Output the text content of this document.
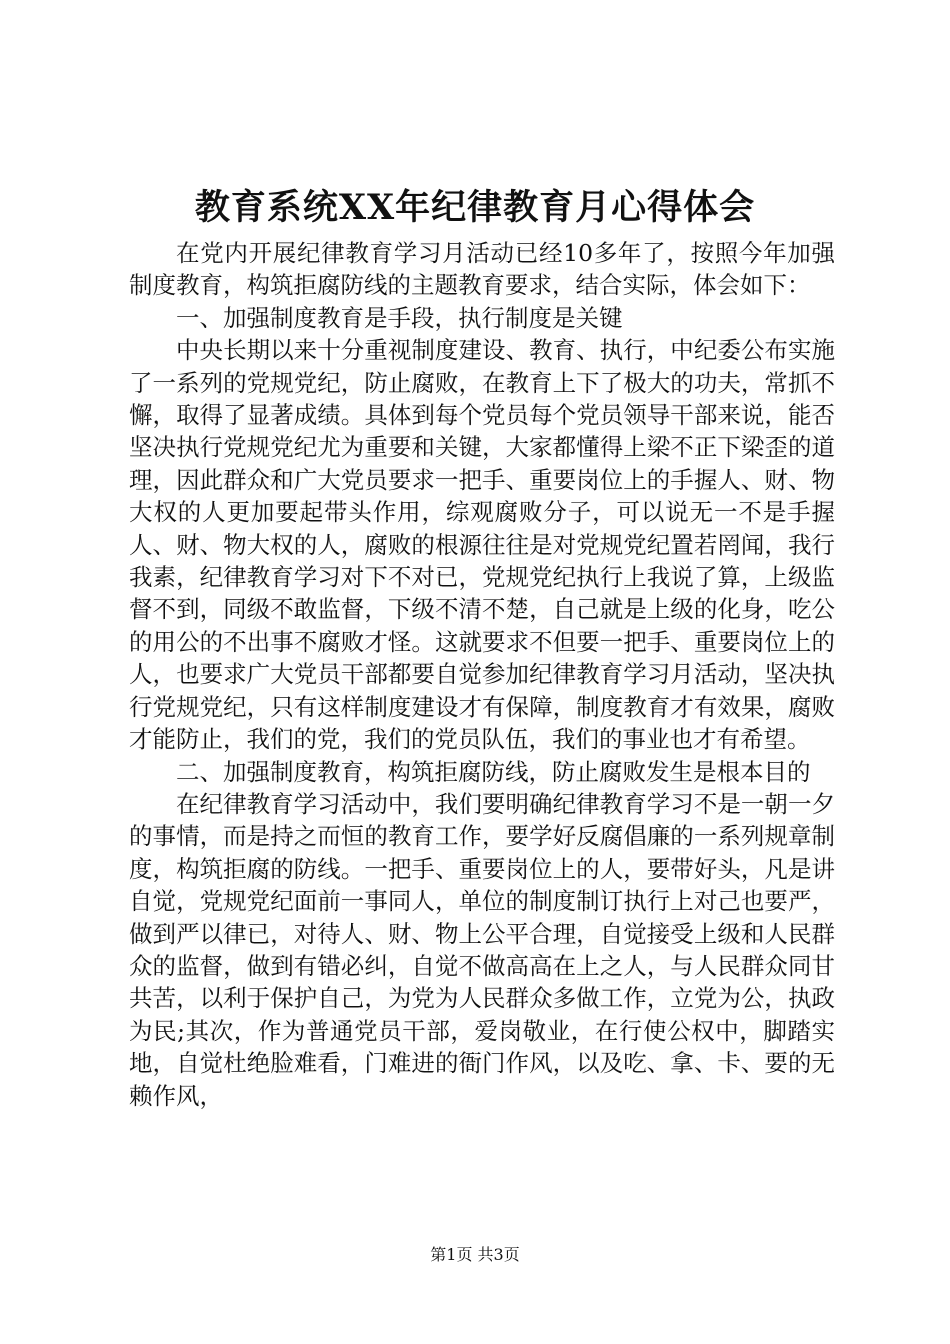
教育系统XX年纪律教育月心得体会

在党内开展纪律教育学习月活动已经10多年了，按照今年加强制度教育，构筑拒腐防线的主题教育要求，结合实际，体会如下：

一、加强制度教育是手段，执行制度是关键

中央长期以来十分重视制度建设、教育、执行，中纪委公布实施了一系列的党规党纪，防止腐败，在教育上下了极大的功夫，常抓不懈，取得了显著成绩。具体到每个党员每个党员领导干部来说，能否坚决执行党规党纪尤为重要和关键，大家都懂得上梁不正下梁歪的道理，因此群众和广大党员要求一把手、重要岗位上的手握人、财、物大权的人更加要起带头作用，综观腐败分子，可以说无一不是手握人、财、物大权的人，腐败的根源往往是对党规党纪置若罔闻，我行我素，纪律教育学习对下不对已，党规党纪执行上我说了算，上级监督不到，同级不敢监督，下级不清不楚，自己就是上级的化身，吃公的用公的不出事不腐败才怪。这就要求不但要一把手、重要岗位上的人，也要求广大党员干部都要自觉参加纪律教育学习月活动，坚决执行党规党纪，只有这样制度建设才有保障，制度教育才有效果，腐败才能防止，我们的党，我们的党员队伍，我们的事业也才有希望。

二、加强制度教育，构筑拒腐防线，防止腐败发生是根本目的

在纪律教育学习活动中，我们要明确纪律教育学习不是一朝一夕的事情，而是持之而恒的教育工作，要学好反腐倡廉的一系列规章制度，构筑拒腐的防线。一把手、重要岗位上的人，要带好头，凡是讲自觉，党规党纪面前一事同人，单位的制度制订执行上对己也要严，做到严以律已，对待人、财、物上公平合理，自觉接受上级和人民群众的监督，做到有错必纠，自觉不做高高在上之人，与人民群众同甘共苦，以利于保护自己，为党为人民群众多做工作，立党为公，执政为民;其次，作为普通党员干部，爱岗敬业，在行使公权中，脚踏实地，自觉杜绝脸难看，门难进的衙门作风，以及吃、拿、卡、要的无赖作风，

第1页 共3页
